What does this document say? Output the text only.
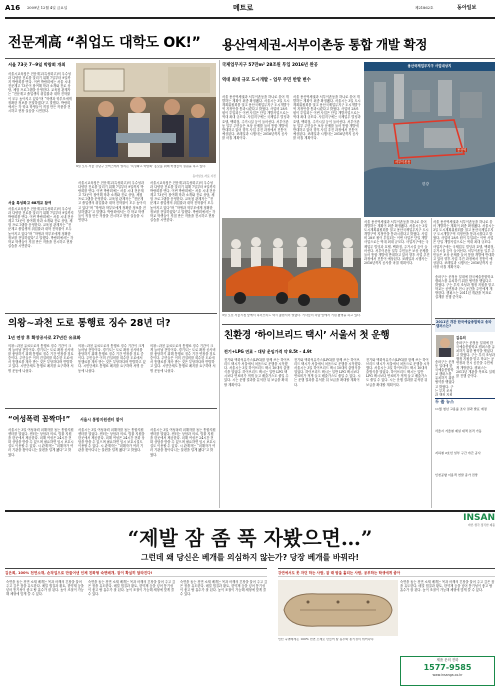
A16 2009년 12월 4일 금요일	메트로	제21862호	동아일보
전문계高 “취업도 대학도 OK!” 용산역세권-서부이촌동 통합 개발 확정
서울 73곳 7∼9일 박람회 개최
서울시교육청은 전문계고(특성화고)의 우수성과 다양한 진로를 알리기 위해 7일부터 9일까지 박람회를 연다. 이번 박람회에는 서울 시내 전문계고 73곳이 참여해 학과 소개와 진로 상담, 체험 프로그램을 운영한다. 교육청 관계자는 “전문계고 졸업생의 취업률과 대학 진학률이 모두 높아지고 있다”며 “학생과 학부모에게 정확한 정보를 전달하겠다”고 말했다. 박람회에서는 각 학교 학생들이 직접 만든 작품을 전시하고 현장 실습을 시연한다.
9일 오후 서울 강남구 코엑스에서 열리는 ‘특성화고 박람회’ 홍보를 위해 학생들이 실습을 하고 있다.
동아일보 자료 사진
서울 특성화고 68개교 참여
서울시교육청은 전문계고(특성화고)의 우수성과 다양한 진로를 알리기 위해 7일부터 9일까지 박람회를 연다. 이번 박람회에는 서울 시내 전문계고 73곳이 참여해 학과 소개와 진로 상담, 체험 프로그램을 운영한다. 교육청 관계자는 “전문계고 졸업생의 취업률과 대학 진학률이 모두 높아지고 있다”며 “학생과 학부모에게 정확한 정보를 전달하겠다”고 말했다. 박람회에서는 각 학교 학생들이 직접 만든 작품을 전시하고 현장 실습을 시연한다.
서울시교육청은 전문계고(특성화고)의 우수성과 다양한 진로를 알리기 위해 7일부터 9일까지 박람회를 연다. 이번 박람회에는 서울 시내 전문계고 73곳이 참여해 학과 소개와 진로 상담, 체험 프로그램을 운영한다. 교육청 관계자는 “전문계고 졸업생의 취업률과 대학 진학률이 모두 높아지고 있다”며 “학생과 학부모에게 정확한 정보를 전달하겠다”고 말했다. 박람회에서는 각 학교 학생들이 직접 만든 작품을 전시하고 현장 실습을 시연한다.
서울시교육청은 전문계고(특성화고)의 우수성과 다양한 진로를 알리기 위해 7일부터 9일까지 박람회를 연다. 이번 박람회에는 서울 시내 전문계고 73곳이 참여해 학과 소개와 진로 상담, 체험 프로그램을 운영한다. 교육청 관계자는 “전문계고 졸업생의 취업률과 대학 진학률이 모두 높아지고 있다”며 “학생과 학부모에게 정확한 정보를 전달하겠다”고 말했다. 박람회에서는 각 학교 학생들이 직접 만든 작품을 전시하고 현장 실습을 시연한다.
국제업무지구 57만m² 28조원 투입 2016년 완공
역대 최대 규모 도시개발 – 업무 주민 반발 변수
서울 용산역세권과 서부이촌동을 하나로 묶어 개발하는 계획이 최종 확정됐다. 서울시는 3일 도시계획위원회를 열고 용산국제업무지구 도시개발구역 지정안을 통과시켰다고 밝혔다. 사업비 28조 원이 투입되는 이번 사업은 단일 개발사업으로는 역대 최대 규모다. 사업지구에는 국제업무 빌딩과 호텔, 백화점, 주거시설 등이 들어선다. 서부이촌동 일부 주민들은 보상 문제를 들어 통합 개발에 반대하고 있어 향후 사업 추진 과정에서 진통이 예상된다. 코레일과 시행사는 2016년까지 공사를 마칠 계획이다.
서울 용산역세권과 서부이촌동을 하나로 묶어 개발하는 계획이 최종 확정됐다. 서울시는 3일 도시계획위원회를 열고 용산국제업무지구 도시개발구역 지정안을 통과시켰다고 밝혔다. 사업비 28조 원이 투입되는 이번 사업은 단일 개발사업으로는 역대 최대 규모다. 사업지구에는 국제업무 빌딩과 호텔, 백화점, 주거시설 등이 들어선다. 서부이촌동 일부 주민들은 보상 문제를 들어 통합 개발에 반대하고 있어 향후 사업 추진 과정에서 진통이 예상된다. 코레일과 시행사는 2016년까지 공사를 마칠 계획이다.
용산국제업무지구 사업대상지
한강
용산역
서부이촌동
서울 용산역세권과 서부이촌동을 하나로 묶어 개발하는 계획이 최종 확정됐다. 서울시는 3일 도시계획위원회를 열고 용산국제업무지구 도시개발구역 지정안을 통과시켰다고 밝혔다. 사업비 28조 원이 투입되는 이번 사업은 단일 개발사업으로는 역대 최대 규모다. 사업지구에는 국제업무 빌딩과 호텔, 백화점, 주거시설 등이 들어선다. 서부이촌동 일부 주민들은 보상 문제를 들어 통합 개발에 반대하고 있어 향후 사업 추진 과정에서 진통이 예상된다. 코레일과 시행사는 2016년까지 공사를 마칠 계획이다.
서울 용산역세권과 서부이촌동을 하나로 묶어 개발하는 계획이 최종 확정됐다. 서울시는 3일 도시계획위원회를 열고 용산국제업무지구 도시개발구역 지정안을 통과시켰다고 밝혔다. 사업비 28조 원이 투입되는 이번 사업은 단일 개발사업으로는 역대 최대 규모다. 사업지구에는 국제업무 빌딩과 호텔, 백화점, 주거시설 등이 들어선다. 서부이촌동 일부 주민들은 보상 문제를 들어 통합 개발에 반대하고 있어 향후 사업 추진 과정에서 진통이 예상된다. 코레일과 시행사는 2016년까지 공사를 마칠 계획이다.
3일 오전 서울시청 앞에서 하이브리드 택시 출범식이 열렸다. 기사들이 차량 앞에서 기념 촬영을 하고 있다.
의왕∼과천 도로 통행료 징수 28년 더?
1년 연장 후 확장공사로 27년간 유료화
의왕∼과천 유료도로의 통행료 징수 기간이 크게 늘어날 전망이다. 경기도는 도로 확장 공사비를 충당하기 위해 통행료 징수 기간 연장을 검토 중이다. 주민들은 이미 건설비를 회수한 도로에서 통행료를 계속 받는 것은 부당하다며 반발하고 있다. 시민단체도 통행료 폐지를 요구하며 서명 운동에 나섰다.
의왕∼과천 유료도로의 통행료 징수 기간이 크게 늘어날 전망이다. 경기도는 도로 확장 공사비를 충당하기 위해 통행료 징수 기간 연장을 검토 중이다. 주민들은 이미 건설비를 회수한 도로에서 통행료를 계속 받는 것은 부당하다며 반발하고 있다. 시민단체도 통행료 폐지를 요구하며 서명 운동에 나섰다.
의왕∼과천 유료도로의 통행료 징수 기간이 크게 늘어날 전망이다. 경기도는 도로 확장 공사비를 충당하기 위해 통행료 징수 기간 연장을 검토 중이다. 주민들은 이미 건설비를 회수한 도로에서 통행료를 계속 받는 것은 부당하다며 반발하고 있다. 시민단체도 통행료 폐지를 요구하며 서명 운동에 나섰다.
“여성폭력 꼼짝마!”	서울시 통합지원센터 열어
서울시는 3일 여성폭력 피해자를 돕는 통합지원센터를 열었다. 센터는 상담과 의료, 법률 지원을 한곳에서 제공한다. 피해 여성은 24시간 전화 상담을 받을 수 있으며 필요하면 임시 보호시설도 이용할 수 있다. 시 관계자는 “피해자가 여러 기관을 찾아다니는 불편을 덜게 됐다”고 밝혔다.
서울시는 3일 여성폭력 피해자를 돕는 통합지원센터를 열었다. 센터는 상담과 의료, 법률 지원을 한곳에서 제공한다. 피해 여성은 24시간 전화 상담을 받을 수 있으며 필요하면 임시 보호시설도 이용할 수 있다. 시 관계자는 “피해자가 여러 기관을 찾아다니는 불편을 덜게 됐다”고 밝혔다.
서울시는 3일 여성폭력 피해자를 돕는 통합지원센터를 열었다. 센터는 상담과 의료, 법률 지원을 한곳에서 제공한다. 피해 여성은 24시간 전화 상담을 받을 수 있으며 필요하면 임시 보호시설도 이용할 수 있다. 시 관계자는 “피해자가 여러 기관을 찾아다니는 불편을 덜게 됐다”고 밝혔다.
친환경 ‘하이브리드 택시’ 서울서 첫 운행
전기+LPG 연료 – 대당 운임가격 약 8.5t – 4.9t
전기와 액화석유가스(LPG)를 함께 쓰는 하이브리드 택시가 서울에서 처음으로 운행을 시작했다. 서울시는 3일 하이브리드 택시 10대의 출범식을 열었다. 하이브리드 택시는 일반 LPG 택시보다 연료비가 적게 들고 배출가스도 줄일 수 있다. 시는 운행 결과를 분석한 뒤 보급을 확대할 계획이다.
전기와 액화석유가스(LPG)를 함께 쓰는 하이브리드 택시가 서울에서 처음으로 운행을 시작했다. 서울시는 3일 하이브리드 택시 10대의 출범식을 열었다. 하이브리드 택시는 일반 LPG 택시보다 연료비가 적게 들고 배출가스도 줄일 수 있다. 시는 운행 결과를 분석한 뒤 보급을 확대할 계획이다.
전기와 액화석유가스(LPG)를 함께 쓰는 하이브리드 택시가 서울에서 처음으로 운행을 시작했다. 서울시는 3일 하이브리드 택시 10대의 출범식을 열었다. 하이브리드 택시는 일반 LPG 택시보다 연료비가 적게 들고 배출가스도 줄일 수 있다. 시는 운행 결과를 분석한 뒤 보급을 확대할 계획이다.
송파구는 문정동 일대에 한국예술종합학교 캠퍼스를 유치하기 위한 협약을 맺었다고 밝혔다. 구는 부지 조성과 행정 지원을 맡고 학교는 공연장과 전시 공간을 주민에게 개방한다. 캠퍼스는 2011년 개관을 목표로 설계를 진행 중이다.
2011년 개관 한국예술종합학교 송파캠퍼스는?
김유의
송파구는 문정동 일대에 한국예술종합학교 캠퍼스를 유치하기 위한 협약을 맺었다고 밝혔다. 구는 부지 조성과 행정 지원을 맡고 학교는 공연장과 전시 공간을 주민에게 개방한다. 캠퍼스는 2011년 개관을 목표로 설계를 진행 중이다.
송파구는 문정동 일대에 한국예술종합학교 캠퍼스를 유치하기 위한 협약을 맺었다고 밝혔다. 구는 부지 조성과 행정 지원
두 줄 뉴스
11월 청년 고용률 조사 결과 발표 예정
서울시 겨울철 제설 대책 본격 가동
지하철 2호선 일부 구간 야간 공사
인천공항 이용객 연말 증가 전망
INSAN
바른 생각 정직한 제품
“제발 잠 좀 푹 자봤으면…”
그런데 왜 당신은 베개를 의심하지 않는가? 당장 베개를 바꿔라!
김은희, 100% 천연소재, 손작업으로 만들어낸 인체 친화형 숙면베개, 잠이 확실히 달라진다!	강연에서도 못 자던 하는 사람, 잘 때 땀을 흘리는 사람, 공부하는 학생에게 좋아
숙면을 돕는 천연 소재 베개는 목과 어깨의 긴장을 풀어 주고 깊은 잠을 유도한다. 메밀 껍질과 황토, 한약재 등을 넣어 통기성이 좋고 땀 흡수가 잘 된다. 높이 조절이 가능해 체형에 맞게 쓸 수 있다.
숙면을 돕는 천연 소재 베개는 목과 어깨의 긴장을 풀어 주고 깊은 잠을 유도한다. 메밀 껍질과 황토, 한약재 등을 넣어 통기성이 좋고 땀 흡수가 잘 된다. 높이 조절이 가능해 체형에 맞게 쓸 수 있다.
숙면을 돕는 천연 소재 베개는 목과 어깨의 긴장을 풀어 주고 깊은 잠을 유도한다. 메밀 껍질과 황토, 한약재 등을 넣어 통기성이 좋고 땀 흡수가 잘 된다. 높이 조절이 가능해 체형에 맞게 쓸 수 있다.
인산 숙면베개는 100% 천연 소재로 만들어 땀 흡수와 통기성이 뛰어나다.
숙면을 돕는 천연 소재 베개는 목과 어깨의 긴장을 풀어 주고 깊은 잠을 유도한다. 메밀 껍질과 황토, 한약재 등을 넣어 통기성이 좋고 땀 흡수가 잘 된다. 높이 조절이 가능해 체형에 맞게 쓸 수 있다.
제품 문의 전화
1577-9585
www.insanga.co.kr
